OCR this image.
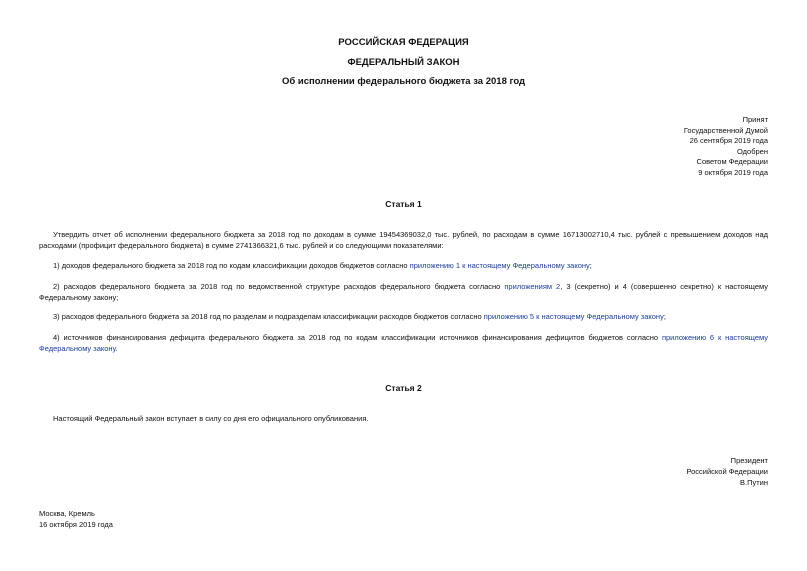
РОССИЙСКАЯ ФЕДЕРАЦИЯ
ФЕДЕРАЛЬНЫЙ ЗАКОН
Об исполнении федерального бюджета за 2018 год
Принят
Государственной Думой
26 сентября 2019 года
Одобрен
Советом Федерации
9 октября 2019 года
Статья 1
Утвердить отчет об исполнении федерального бюджета за 2018 год по доходам в сумме 19454369032,0 тыс. рублей, по расходам в сумме 16713002710,4 тыс. рублей с превышением доходов над расходами (профицит федерального бюджета) в сумме 2741366321,6 тыс. рублей и со следующими показателями:
1) доходов федерального бюджета за 2018 год по кодам классификации доходов бюджетов согласно приложению 1 к настоящему Федеральному закону;
2) расходов федерального бюджета за 2018 год по ведомственной структуре расходов федерального бюджета согласно приложениям 2, 3 (секретно) и 4 (совершенно секретно) к настоящему Федеральному закону;
3) расходов федерального бюджета за 2018 год по разделам и подразделам классификации расходов бюджетов согласно приложению 5 к настоящему Федеральному закону;
4) источников финансирования дефицита федерального бюджета за 2018 год по кодам классификации источников финансирования дефицитов бюджетов согласно приложению 6 к настоящему Федеральному закону.
Статья 2
Настоящий Федеральный закон вступает в силу со дня его официального опубликования.
Президент
Российской Федерации
В.Путин
Москва, Кремль
16 октября 2019 года
